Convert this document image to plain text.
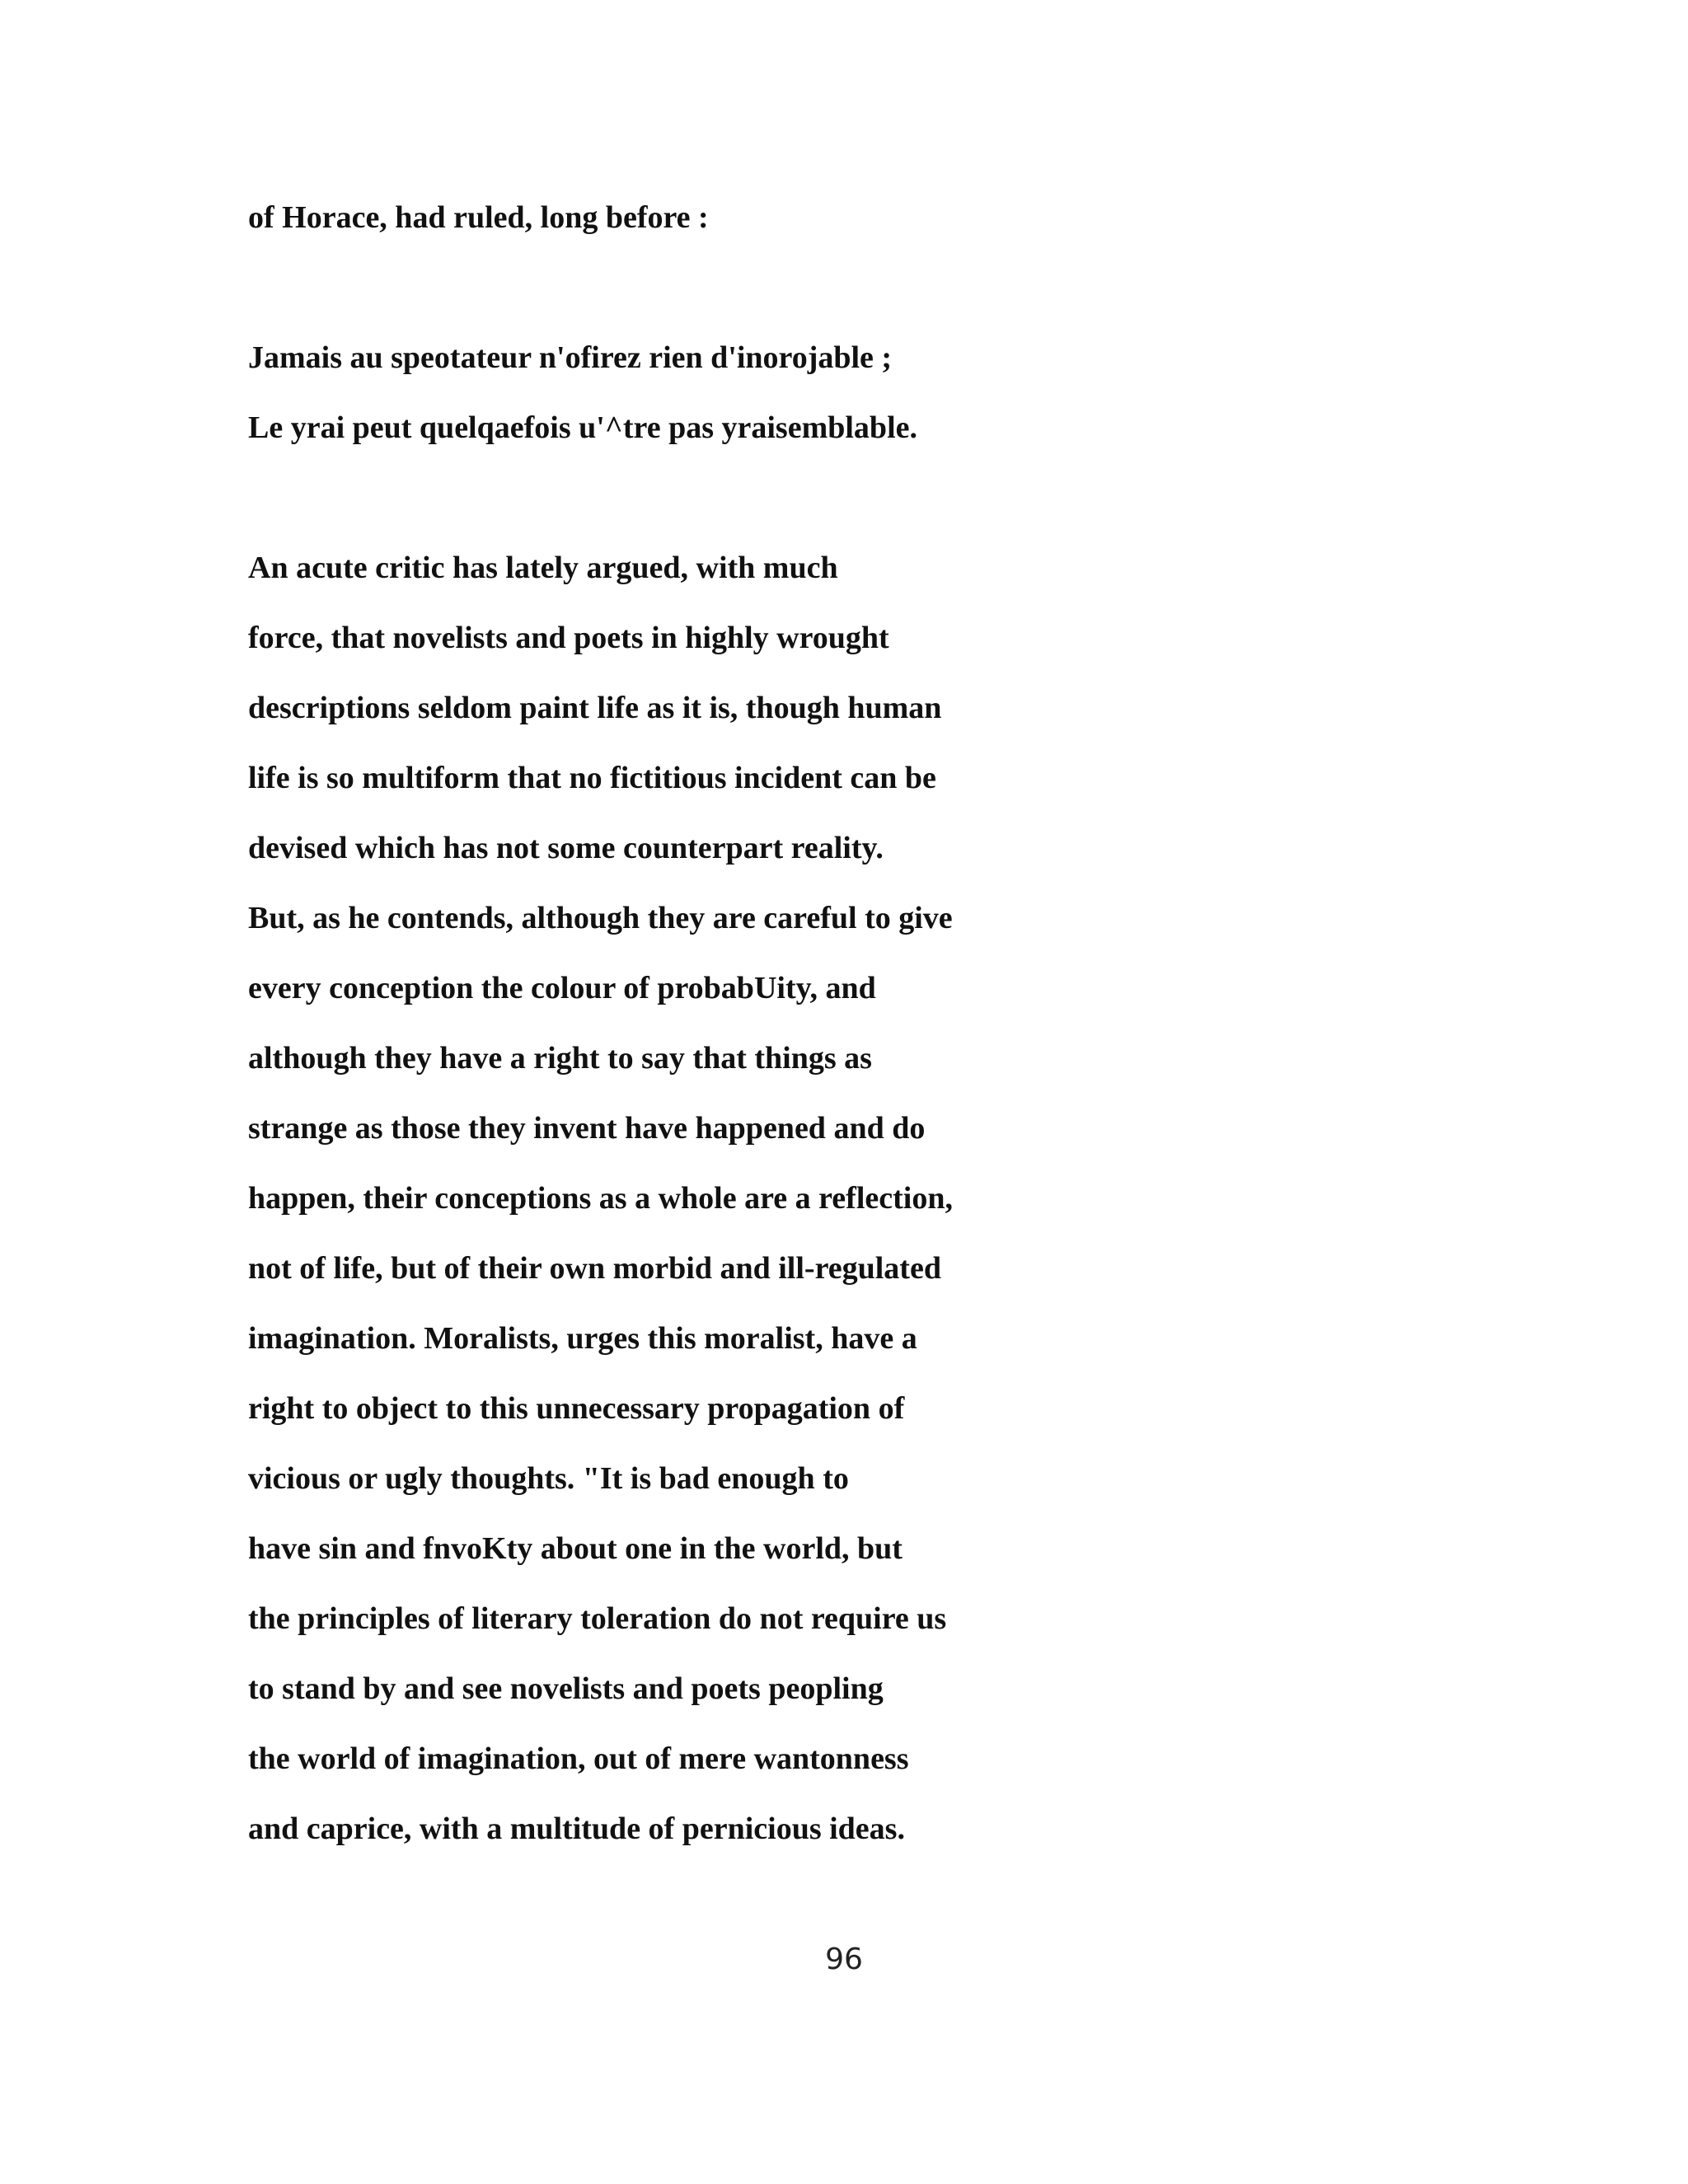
of Horace, had ruled, long before :

Jamais au speotateur n'ofirez rien d'inorojable ;

Le yrai peut quelqaefois u'^tre pas yraisemblable.

An acute critic has lately argued, with much

force, that novelists and poets in highly wrought

descriptions seldom paint life as it is, though human

life is so multiform that no fictitious incident can be

devised which has not some counterpart reality.

But, as he contends, although they are careful to give

every conception the colour of probabUity, and

although they have a right to say that things as

strange as those they invent have happened and do

happen, their conceptions as a whole are a reflection,

not of life, but of their own morbid and ill-regulated

imagination. Moralists, urges this moralist, have a

right to object to this unnecessary propagation of

vicious or ugly thoughts. "It is bad enough to

have sin and fnvoKty about one in the world, but

the principles of literary toleration do not require us

to stand by and see novelists and poets peopling

the world of imagination, out of mere wantonness

and caprice, with a multitude of pernicious ideas.

96
